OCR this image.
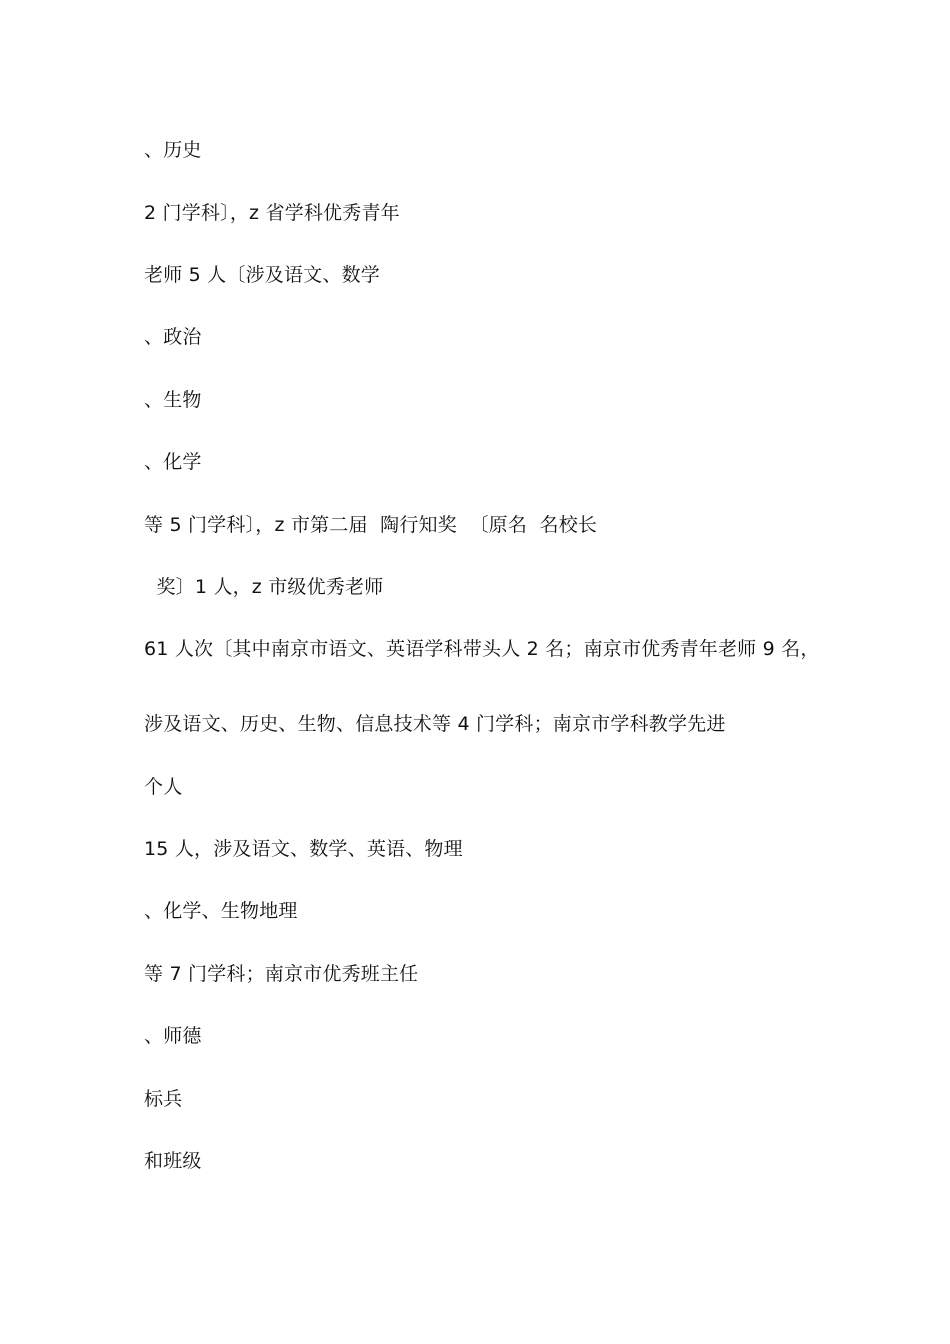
、历史
2 门学科〕，z 省学科优秀青年
老师 5 人〔涉及语文、数学
、政治
、生物
、化学
等 5 门学科〕，z 市第二届  陶行知奖  〔原名  名校长
奖〕1 人，z 市级优秀老师
61 人次〔其中南京市语文、英语学科带头人 2 名；南京市优秀青年老师 9 名，
涉及语文、历史、生物、信息技术等 4 门学科；南京市学科教学先进
个人
15 人，涉及语文、数学、英语、物理
、化学、生物地理
等 7 门学科；南京市优秀班主任
、师德
标兵
和班级
